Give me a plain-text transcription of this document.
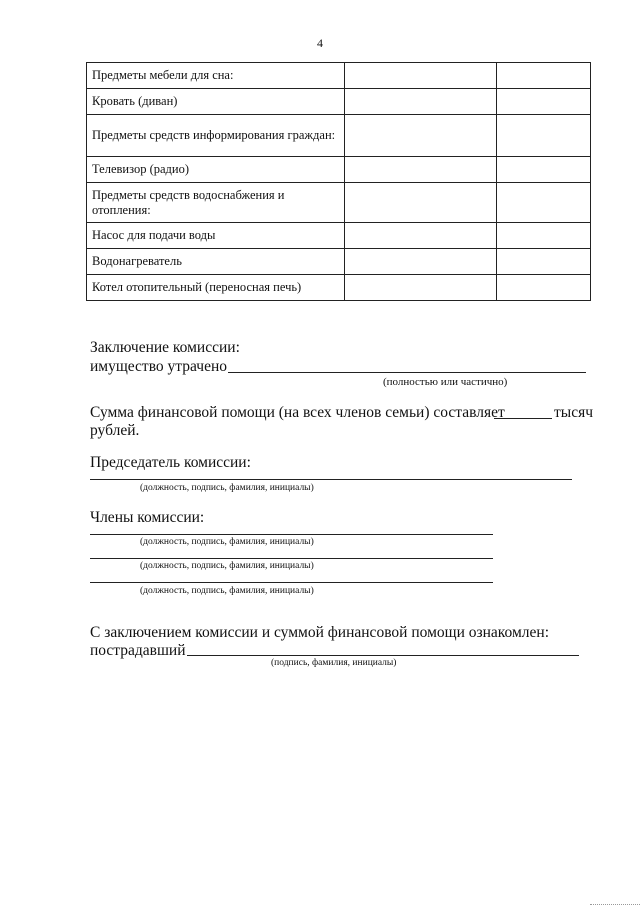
4
Предметы мебели для сна:		
Кровать (диван)		
Предметы средств информирования граждан:		
Телевизор (радио)		
Предметы средств водоснабжения и отопления:		
Насос для подачи воды		
Водонагреватель		
Котел отопительный (переносная печь)		
Заключение комиссии:
имущество утрачено
(полностью или частично)
Сумма финансовой помощи (на всех членов семьи) составляет	тысяч
рублей.
Председатель комиссии:
(должность, подпись, фамилия, инициалы)
Члены комиссии:
(должность, подпись, фамилия, инициалы)
(должность, подпись, фамилия, инициалы)
(должность, подпись, фамилия, инициалы)
С заключением комиссии и суммой финансовой помощи ознакомлен:
пострадавший
(подпись, фамилия, инициалы)
